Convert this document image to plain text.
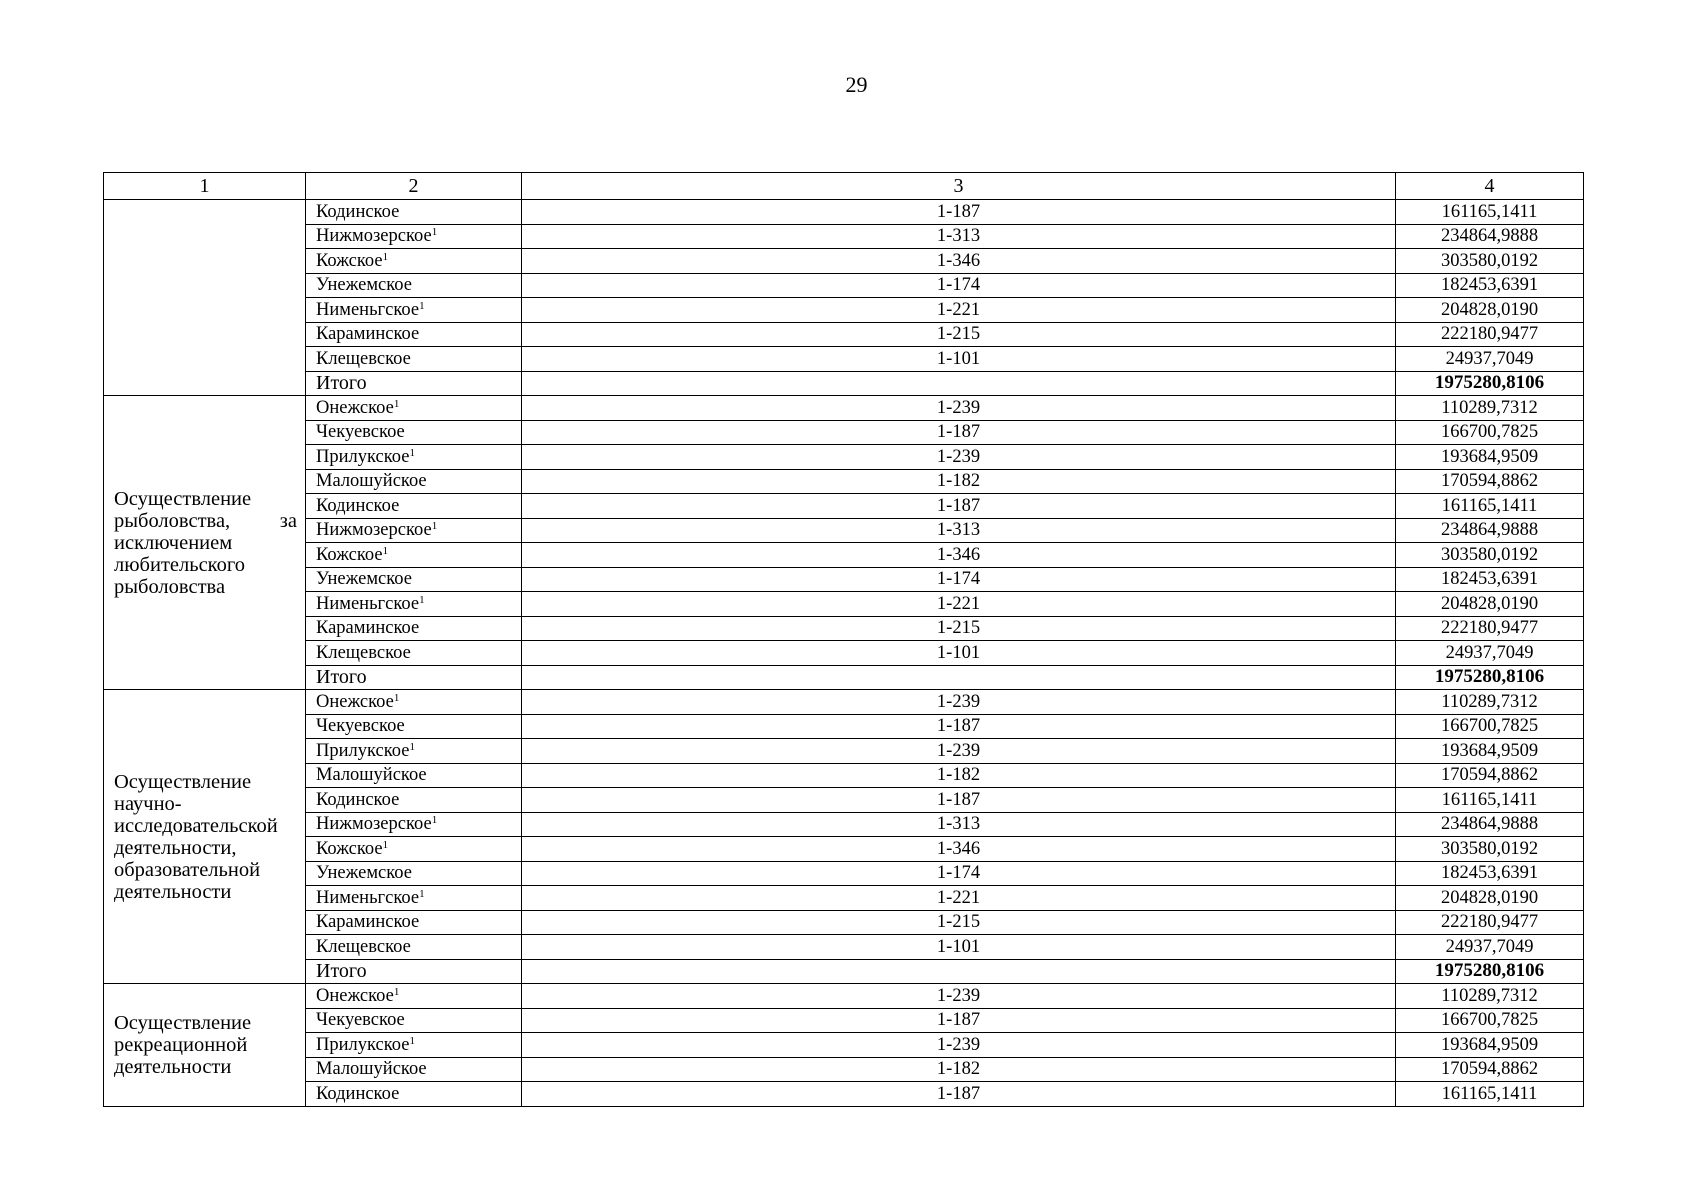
29
1	2	3	4

	Кодинское	1-187	161165,1411
	Нижмозерское$^1$	1-313	234864,9888
	Кожское$^1$	1-346	303580,0192
	Унежемское	1-174	182453,6391
	Нименьгское$^1$	1-221	204828,0190
	Караминское	1-215	222180,9477
	Клещевское	1-101	24937,7049
	Итого		1975280,8106

Осуществление рыболовства, за исключением любительского рыболовства	Онежское$^1$	1-239	110289,7312
	Чекуевское	1-187	166700,7825
	Прилукское$^1$	1-239	193684,9509
	Малошуйское	1-182	170594,8862
	Кодинское	1-187	161165,1411
	Нижмозерское$^1$	1-313	234864,9888
	Кожское$^1$	1-346	303580,0192
	Унежемское	1-174	182453,6391
	Нименьгское$^1$	1-221	204828,0190
	Караминское	1-215	222180,9477
	Клещевское	1-101	24937,7049
	Итого		1975280,8106

Осуществление научно-исследовательской деятельности, образовательной деятельности	Онежское$^1$	1-239	110289,7312
	Чекуевское	1-187	166700,7825
	Прилукское$^1$	1-239	193684,9509
	Малошуйское	1-182	170594,8862
	Кодинское	1-187	161165,1411
	Нижмозерское$^1$	1-313	234864,9888
	Кожское$^1$	1-346	303580,0192
	Унежемское	1-174	182453,6391
	Нименьгское$^1$	1-221	204828,0190
	Караминское	1-215	222180,9477
	Клещевское	1-101	24937,7049
	Итого		1975280,8106

Осуществление рекреационной деятельности	Онежское$^1$	1-239	110289,7312
	Чекуевское	1-187	166700,7825
	Прилукское$^1$	1-239	193684,9509
	Малошуйское	1-182	170594,8862
	Кодинское	1-187	161165,1411
